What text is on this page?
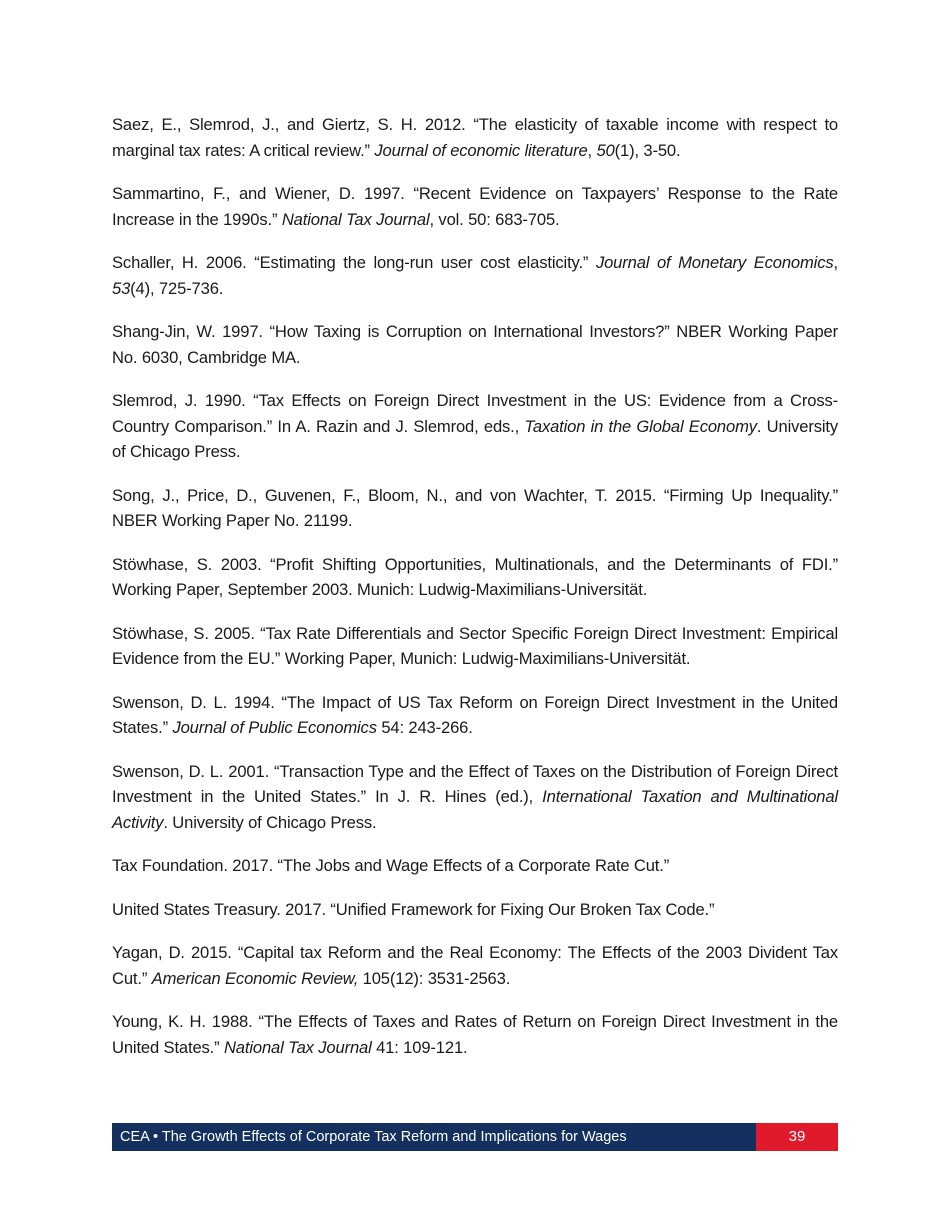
Saez, E., Slemrod, J., and Giertz, S. H. 2012. “The elasticity of taxable income with respect to marginal tax rates: A critical review.” Journal of economic literature, 50(1), 3-50.

Sammartino, F., and Wiener, D. 1997. “Recent Evidence on Taxpayers’ Response to the Rate Increase in the 1990s.” National Tax Journal, vol. 50: 683-705.

Schaller, H. 2006. “Estimating the long-run user cost elasticity.” Journal of Monetary Economics, 53(4), 725-736.

Shang-Jin, W. 1997. “How Taxing is Corruption on International Investors?” NBER Working Paper No. 6030, Cambridge MA.

Slemrod, J. 1990. “Tax Effects on Foreign Direct Investment in the US: Evidence from a Cross-Country Comparison.” In A. Razin and J. Slemrod, eds., Taxation in the Global Economy. University of Chicago Press.

Song, J., Price, D., Guvenen, F., Bloom, N., and von Wachter, T. 2015. “Firming Up Inequality.” NBER Working Paper No. 21199.

Stöwhase, S. 2003. “Profit Shifting Opportunities, Multinationals, and the Determinants of FDI.” Working Paper, September 2003. Munich: Ludwig-Maximilians-Universität.

Stöwhase, S. 2005. “Tax Rate Differentials and Sector Specific Foreign Direct Investment: Empirical Evidence from the EU.” Working Paper, Munich: Ludwig-Maximilians-Universität.

Swenson, D. L. 1994. “The Impact of US Tax Reform on Foreign Direct Investment in the United States.” Journal of Public Economics 54: 243-266.

Swenson, D. L. 2001. “Transaction Type and the Effect of Taxes on the Distribution of Foreign Direct Investment in the United States.” In J. R. Hines (ed.), International Taxation and Multinational Activity. University of Chicago Press.

Tax Foundation. 2017. “The Jobs and Wage Effects of a Corporate Rate Cut.”

United States Treasury. 2017. “Unified Framework for Fixing Our Broken Tax Code.”

Yagan, D. 2015. “Capital tax Reform and the Real Economy: The Effects of the 2003 Divident Tax Cut.” American Economic Review, 105(12): 3531-2563.

Young, K. H. 1988. “The Effects of Taxes and Rates of Return on Foreign Direct Investment in the United States.” National Tax Journal 41: 109-121.

CEA • The Growth Effects of Corporate Tax Reform and Implications for Wages	39
